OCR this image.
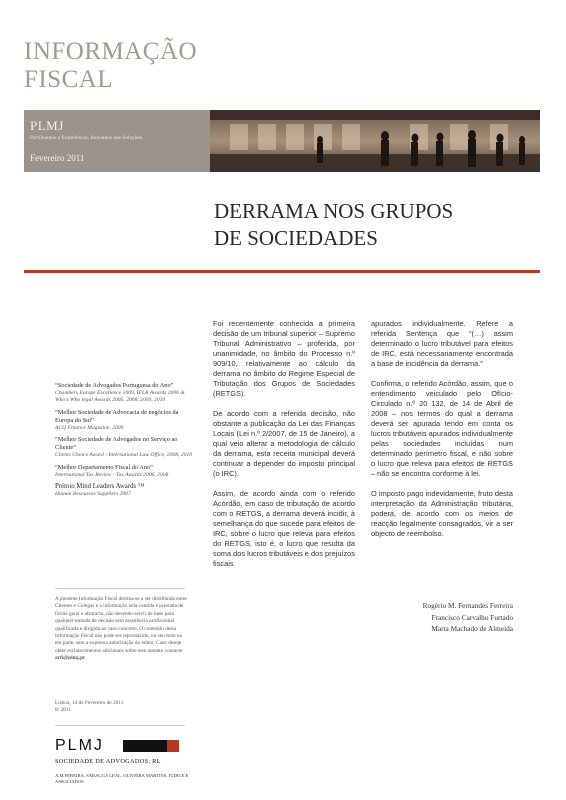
INFORMAÇÃO
FISCAL
PLMJ
Partilhamos a Experiência. Inovamos nas Soluções.
Fevereiro 2011
DERRAMA NOS GRUPOS
DE SOCIEDADES
“Sociedade de Advogados Portuguesa do Ano”
Chambers Europe Excellence 2009, IFLR Awards 2006 & Who’s Who legal Awards 2006, 2008, 2009, 2010
“Melhor Sociedade de Advocacia de negócios da Europa do Sul”
ACQ Finance Magazine, 2009
“Melhor Sociedade de Advogados no Serviço ao Cliente”
Clients Choice Award - International Law Office, 2008, 2010
“Melhor Departamento Fiscal do Ano”
International Tax Review - Tax Awards 2006, 2008
Prémio Mind Leaders Awards ™
Human Resources Suppliers 2007
A presente Informação Fiscal destina-se a ser distribuída entre Clientes e Colegas e a informação nela contida é prestada de forma geral e abstracta, não devendo servir de base para qualquer tomada de decisão sem assistência profissional qualificada e dirigida ao caso concreto. O conteúdo desta Informação Fiscal não pode ser reproduzido, no seu todo ou em parte, sem a expressa autorização do editor. Caso deseje obter esclarecimentos adicionais sobre este assunto contacte arfi@plmj.pt
Lisboa, 14 de Fevereiro de 2011
8/ 2011
PLMJ
SOCIEDADE DE ADVOGADOS, RL
A.M.PEREIRA, SÁRAGGA LEAL, OLIVEIRA MARTINS, JÚDICE E ASSOCIADOS

Foi recentemente conhecida a primeira decisão de um tribunal superior – Supremo Tribunal Administrativo – proferida, por unanimidade, no âmbito do Processo n.º 909/10, relativamente ao cálculo da derrama no âmbito do Regime Especial de Tributação dos Grupos de Sociedades (RETGS).

De acordo com a referida decisão, não obstante a publicação da Lei das Finanças Locais (Lei n.º 2/2007, de 15 de Janeiro), a qual veio alterar a metodologia de cálculo da derrama, esta receita municipal deverá continuar a depender do imposto principal (o IRC).

Assim, de acordo ainda com o referido Acórdão, em caso de tributação de acordo com o RETGS, a derrama deverá incidir, à semelhança do que sucede para efeitos de IRC, sobre o lucro que releva para efeitos do RETGS, isto é, o lucro que resulta da soma dos lucros tributáveis e dos prejuízos fiscais

apurados individualmente. Refere a referida Sentença que “(…) assim determinado o lucro tributável para efeitos de IRC, está necessariamente encontrada a base de incidência da derrama.”

Confirma, o referido Acórdão, assim, que o entendimento veiculado pelo Ofício-Circulado n.º 20 132, de 14 de Abril de 2008 – nos termos do qual a derrama deverá ser apurada tendo em conta os lucros tributáveis apurados individualmente pelas sociedades incluídas num determinado perímetro fiscal, e não sobre o lucro que releva para efeitos de RETGS – não se encontra conforme à lei.

O imposto pago indevidamente, fruto desta interpretação da Administração tributária, poderá, de acordo com os meios de reacção legalmente consagrados, vir a ser objecto de reembolso.

Rogério M. Fernandes Ferreira
Francisco Carvalho Furtado
Marta Machado de Almeida
